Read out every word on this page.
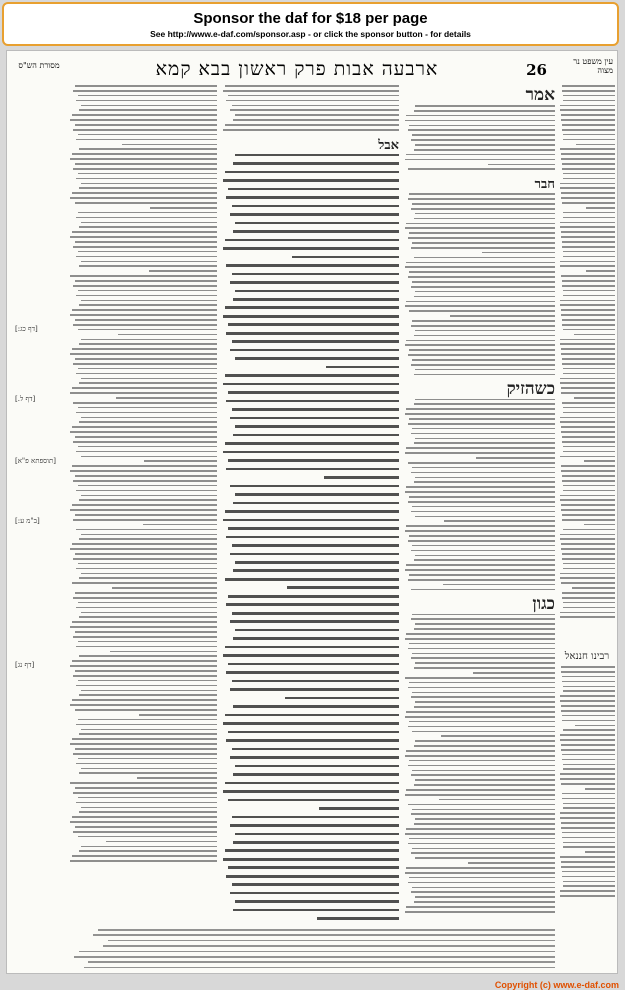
Sponsor the daf for $18 per page
See http://www.e-daf.com/sponsor.asp - or click the sponsor button - for details
עין משפט נר מצוה
26
ארבעה אבות פרק ראשון בבא קמא
מסורת הש"ס
אמר
חבר
כשהזיק
כגון
אבל
רבינו חננאל
[דף כג:]
[דף ל.]
[תוספתא פ"א]
[ב"מ ע:]
[דף נג]
Copyright (c) www.e-daf.com
